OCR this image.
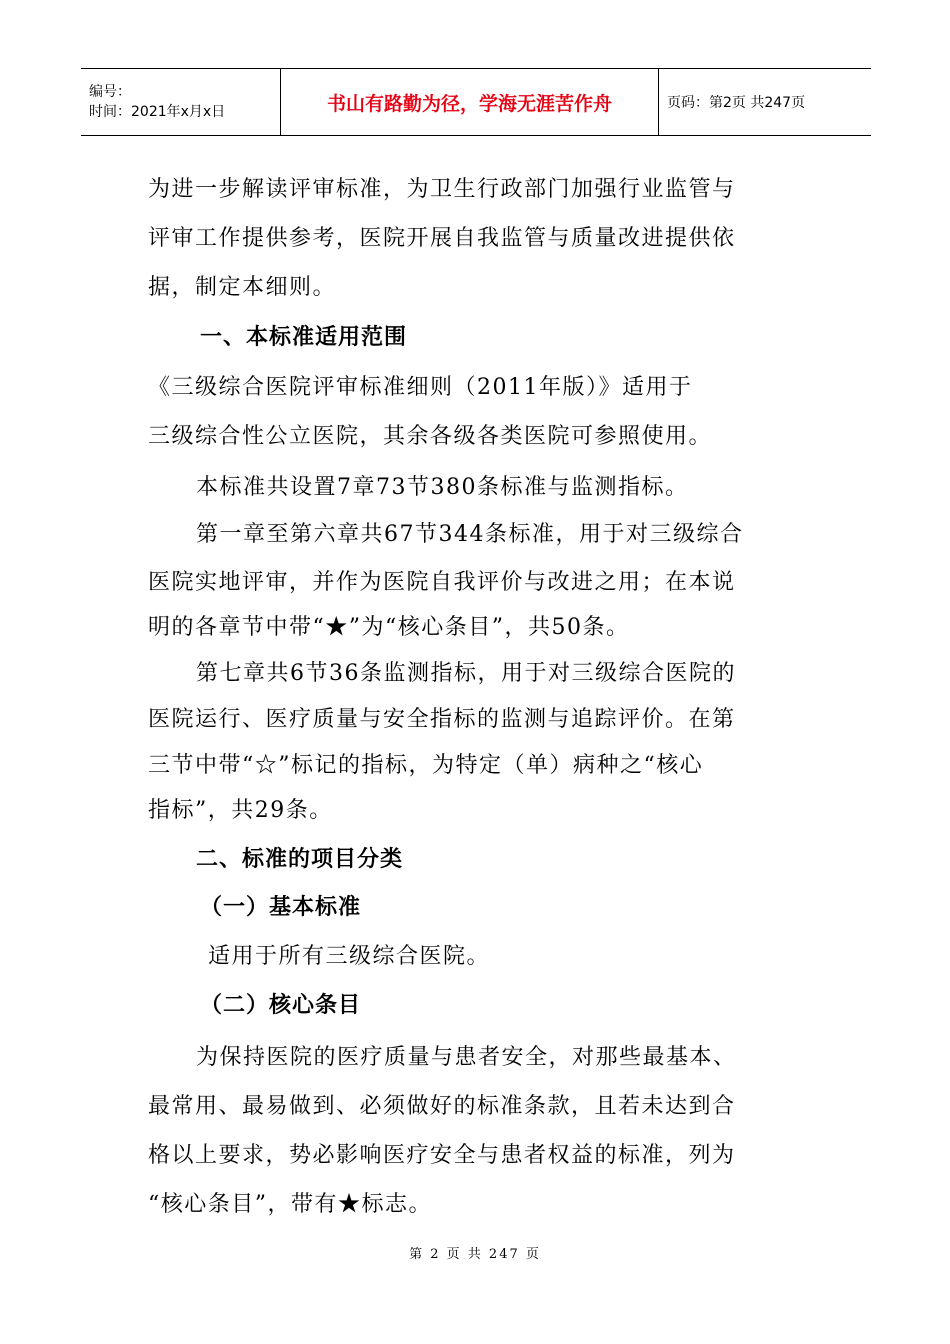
编号：
时间：2021年x月x日	书山有路勤为径，学海无涯苦作舟	页码：第2页 共247页
为进一步解读评审标准，为卫生行政部门加强行业监管与
评审工作提供参考，医院开展自我监管与质量改进提供依
据，制定本细则。
一、本标准适用范围
《三级综合医院评审标准细则（2011年版）》适用于
三级综合性公立医院，其余各级各类医院可参照使用。
本标准共设置7章73节380条标准与监测指标。
第一章至第六章共67节344条标准，用于对三级综合
医院实地评审，并作为医院自我评价与改进之用；在本说
明的各章节中带“★”为“核心条目”，共50条。
第七章共6节36条监测指标，用于对三级综合医院的
医院运行、医疗质量与安全指标的监测与追踪评价。在第
三节中带“☆”标记的指标，为特定（单）病种之“核心
指标”，共29条。
二、标准的项目分类
（一）基本标准
适用于所有三级综合医院。
（二）核心条目
为保持医院的医疗质量与患者安全，对那些最基本、
最常用、最易做到、必须做好的标准条款，且若未达到合
格以上要求，势必影响医疗安全与患者权益的标准，列为
“核心条目”，带有★标志。
第 2 页 共 247 页
